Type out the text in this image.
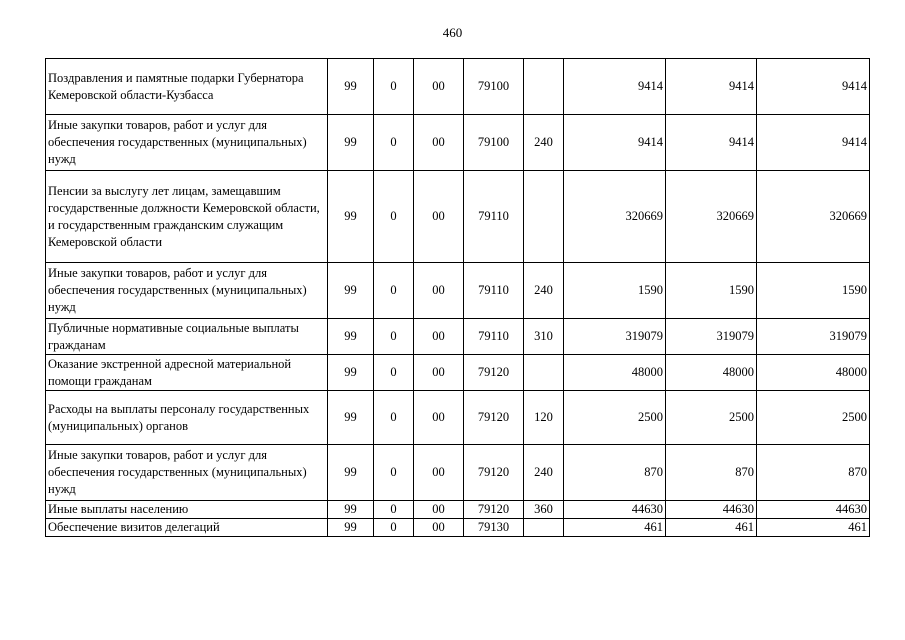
460
Поздравления и памятные подарки Губернатора Кемеровской области-Кузбасса	99	0	00	79100		9414	9414	9414
Иные закупки товаров, работ и услуг для обеспечения государственных (муниципальных) нужд	99	0	00	79100	240	9414	9414	9414
Пенсии за выслугу лет лицам, замещавшим государственные должности Кемеровской области, и государственным гражданским служащим Кемеровской области	99	0	00	79110		320669	320669	320669
Иные закупки товаров, работ и услуг для обеспечения государственных (муниципальных) нужд	99	0	00	79110	240	1590	1590	1590
Публичные нормативные социальные выплаты гражданам	99	0	00	79110	310	319079	319079	319079
Оказание экстренной адресной материальной помощи гражданам	99	0	00	79120		48000	48000	48000
Расходы на выплаты персоналу государственных (муниципальных) органов	99	0	00	79120	120	2500	2500	2500
Иные закупки товаров, работ и услуг для обеспечения государственных (муниципальных) нужд	99	0	00	79120	240	870	870	870
Иные выплаты населению	99	0	00	79120	360	44630	44630	44630
Обеспечение визитов делегаций	99	0	00	79130		461	461	461
